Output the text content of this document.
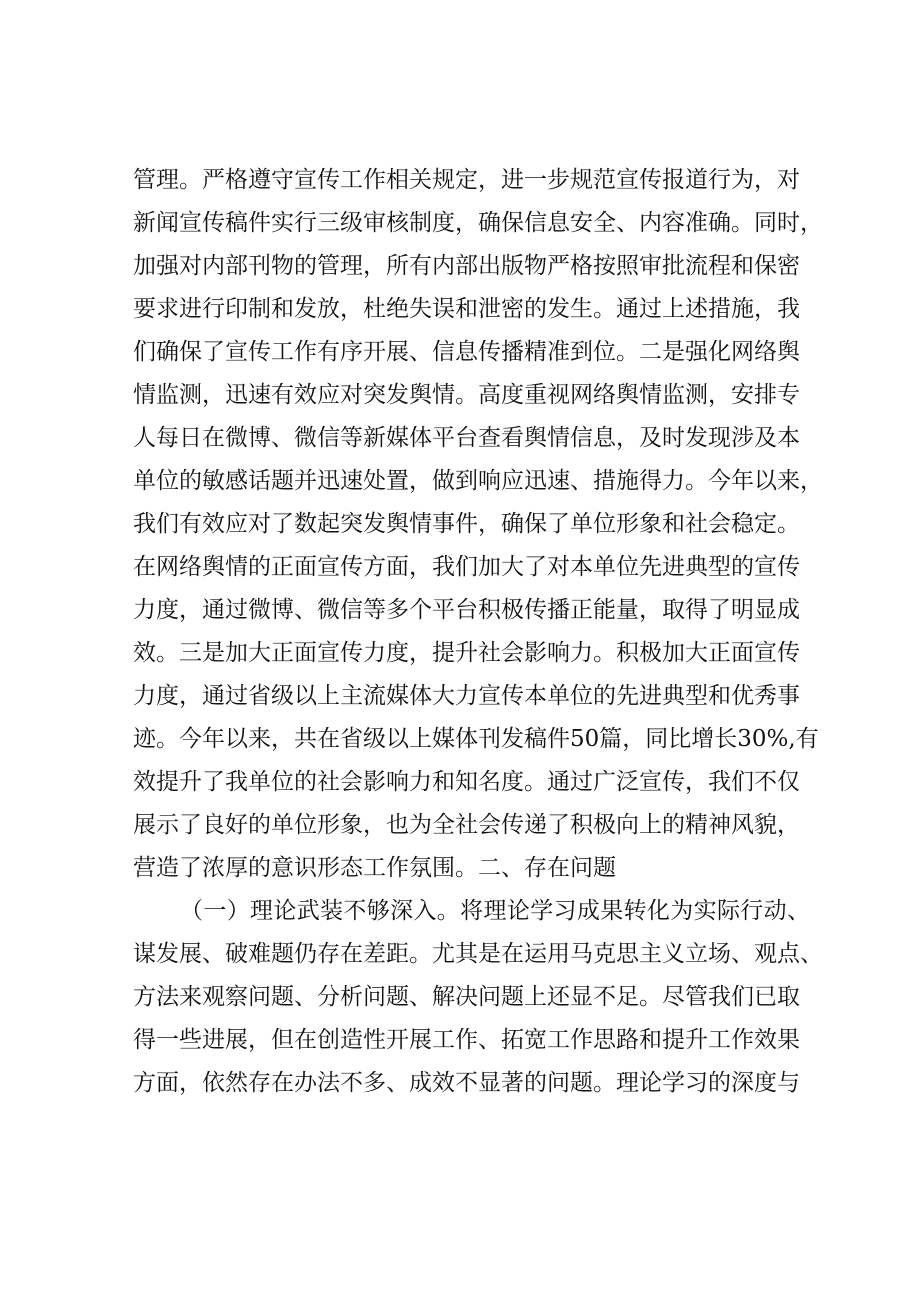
管理。严格遵守宣传工作相关规定，进一步规范宣传报道行为，对

新闻宣传稿件实行三级审核制度，确保信息安全、内容准确。同时，

加强对内部刊物的管理，所有内部出版物严格按照审批流程和保密

要求进行印制和发放，杜绝失误和泄密的发生。通过上述措施，我

们确保了宣传工作有序开展、信息传播精准到位。二是强化网络舆

情监测，迅速有效应对突发舆情。高度重视网络舆情监测，安排专

人每日在微博、微信等新媒体平台查看舆情信息，及时发现涉及本

单位的敏感话题并迅速处置，做到响应迅速、措施得力。今年以来，

我们有效应对了数起突发舆情事件，确保了单位形象和社会稳定。

在网络舆情的正面宣传方面，我们加大了对本单位先进典型的宣传

力度，通过微博、微信等多个平台积极传播正能量，取得了明显成

效。三是加大正面宣传力度，提升社会影响力。积极加大正面宣传

力度，通过省级以上主流媒体大力宣传本单位的先进典型和优秀事

迹。今年以来，共在省级以上媒体刊发稿件50篇，同比增长30%,有

效提升了我单位的社会影响力和知名度。通过广泛宣传，我们不仅

展示了良好的单位形象，也为全社会传递了积极向上的精神风貌，

营造了浓厚的意识形态工作氛围。二、存在问题

（一）理论武装不够深入。将理论学习成果转化为实际行动、

谋发展、破难题仍存在差距。尤其是在运用马克思主义立场、观点、

方法来观察问题、分析问题、解决问题上还显不足。尽管我们已取

得一些进展，但在创造性开展工作、拓宽工作思路和提升工作效果

方面，依然存在办法不多、成效不显著的问题。理论学习的深度与
